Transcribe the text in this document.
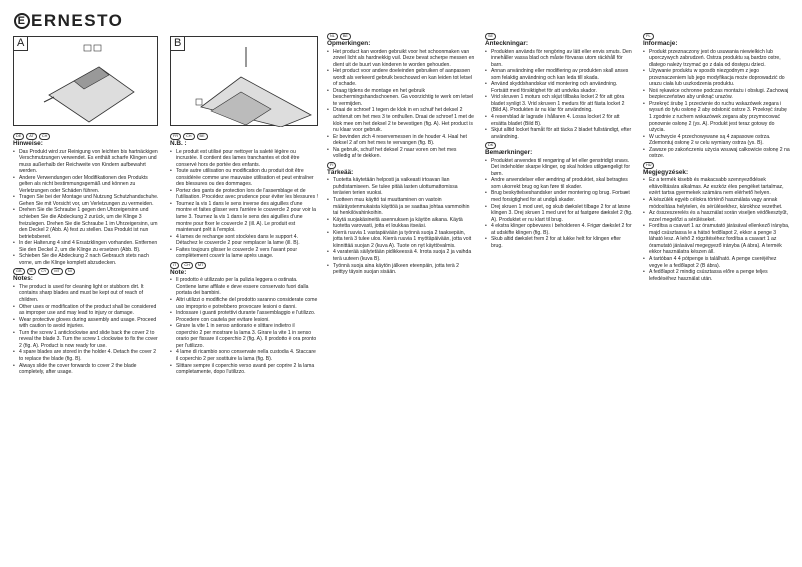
E ERNESTO
A	B
DE	AT	CH
Hinweise:
• Das Produkt wird zur Reinigung von leichten bis hartnäckigen Verschmutzungen verwendet. Es enthält scharfe Klingen und muss außerhalb der Reichweite von Kindern aufbewahrt werden.
• Andere Verwendungen oder Modifikationen des Produkts gelten als nicht bestimmungsgemäß und können zu Verletzungen oder Schäden führen.
• Tragen Sie bei der Montage und Nutzung Schutzhandschuhe. Gehen Sie mit Vorsicht vor, um Verletzungen zu vermeiden.
• Drehen Sie die Schraube 1 gegen den Uhrzeigersinn und schieben Sie die Abdeckung 2 zurück, um die Klinge 3 freizulegen. Drehen Sie die Schraube 1 im Uhrzeigersinn, um den Deckel 2 (Abb. A) fest zu stellen. Das Produkt ist nun betriebsbereit.
• In der Halterung 4 sind 4 Ersatzklingen vorhanden. Entfernen Sie den Deckel 2, um die Klinge zu ersetzen (Abb. B).
• Schieben Sie die Abdeckung 2 nach Gebrauch stets nach vorne, um die Klinge komplett abzudecken.
GB	IE	CY	MT	NI
Notes:
• The product is used for cleaning light or stubborn dirt. It contains sharp blades and must be kept out of reach of children.
• Other uses or modification of the product shall be considered as improper use and may lead to injury or damage.
• Wear protective gloves during assembly and usage. Proceed with caution to avoid injuries.
• Turn the screw 1 anticlockwise and slide back the cover 2 to reveal the blade 3. Turn the screw 1 clockwise to fix the cover 2 (fig. A). Product is now ready for use.
• 4 spare blades are stored in the holder 4. Detach the cover 2 to replace the blade (fig. B).
• Always slide the cover forwards to cover 2 the blade completely, after usage.
FR	CH	BE
N.B. :
• Le produit est utilisé pour nettoyer la saleté légère ou incrustée. Il contient des lames tranchantes et doit être conservé hors de portée des enfants.
• Toute autre utilisation ou modification du produit doit être considérée comme une mauvaise utilisation et peut entraîner des blessures ou des dommages.
• Portez des gants de protection lors de l'assemblage et de l'utilisation. Procédez avec prudence pour éviter les blessures !
• Tournez la vis 1 dans le sens inverse des aiguilles d'une montre et faites glisser vers l'arrière le couvercle 2 pour voir la lame 3. Tournez la vis 1 dans le sens des aiguilles d'une montre pour fixer le couvercle 2 (ill. A). Le produit est maintenant prêt à l'emploi.
• 4 lames de rechange sont stockées dans le support 4. Détachez le couvercle 2 pour remplacer la lame (ill. B).
• Faites toujours glisser le couvercle 2 vers l'avant pour complètement couvrir la lame après usage.
IT	CH	MT
Note:
• Il prodotto è utilizzato per la pulizia leggera o ostinata. Contiene lame affilate e deve essere conservato fuori dalla portata dei bambini.
• Altri utilizzi o modifiche del prodotto saranno considerate come uso improprio e potrebbero provocare lesioni o danni.
• Indossare i guanti protettivi durante l'assemblaggio e l'utilizzo. Procedere con cautela per evitare lesioni.
• Girare la vite 1 in senso antiorario e slittare indietro il coperchio 2 per mostrare la lama 3. Girare la vite 1 in senso orario per fissare il coperchio 2 (fig. A). Il prodotto è ora pronto per l'utilizzo.
• 4 lame di ricambio sono conservate nella custodia 4. Staccare il coperchio 2 per sostituire la lama (fig. B).
• Slittare sempre il coperchio verso avanti per coprire 2 la lama completamente, dopo l'utilizzo.
NL	BE
Opmerkingen:
• Het product kan worden gebruikt voor het schoonmaken van zowel licht als hardnekkig vuil. Deze bevat scherpe messen en dient uit de buurt van kinderen te worden gehouden.
• Het product voor andere doeleinden gebruiken of aanpassen wordt als verkeerd gebruik beschouwd en kan leiden tot letsel of schade.
• Draag tijdens de montage en het gebruik beschermingshandschoenen. Ga voorzichtig te werk om letsel te vermijden.
• Draai de schroef 1 tegen de klok in en schuif het deksel 2 achteruit om het mes 3 te onthullen. Draai de schroef 1 met de klok mee om het deksel 2 te bevestigen (fig. A). Het product is nu klaar voor gebruik.
• Er bevinden zich 4 reservemessen in de houder 4. Haal het deksel 2 af om het mes te vervangen (fig. B).
• Na gebruik, schuif het deksel 2 naar voren om het mes volledig af te dekken.
FI
Tärkeää:
• Tuotetta käytetään helposti ja vaikeasti irtoavan lian puhdistamiseen. Se tulee pitää lasten ulottumattomissa terävien terien vuoksi.
• Tuotteen muu käyttö tai muuttaminen on vastoin määräystenmukaista käyttöä ja se saattaa johtaa vammoihin tai henkilövahinkoihin.
• Käytä suojakäsineitä asennuksen ja käytön aikana. Käytä tuotetta varovasti, jotta et loukkaa itseäsi.
• Kierrä ruuvia 1 vastapäivään ja työnnä suoja 2 taaksepäin, jotta terä 3 tulee ulos. Kierrä ruuvia 1 myötäpäivään, jotta voit kiinnittää suojan 2 (kuva A). Tuote on nyt käyttövalmis.
• 4 varaterää säilytetään pidikkeessä 4. Irrota suoja 2 ja vaihda terä uuteen (kuva B).
• Työnnä suoja aina käytön jälkeen eteenpäin, jotta terä 2 peittyy täysin suojan sisään.
SE
Anteckningar:
• Produkten används för rengöring av lätt eller envis smuts. Den innehåller vassa blad och måste förvaras utom räckhåll för barn.
• Annan användning eller modifiering av produkten skall anses som felaktig användning och kan leda till skada.
• Använd skyddshandskar vid montering och användning. Fortsätt med försiktighet för att undvika skador.
• Vrid skruven 1 moturs och skjut tillbaka locket 2 för att göra bladet synligt 3. Vrid skruven 1 medurs för att fästa locket 2 (Bild A). Produkten är nu klar för användning.
• 4 reservblad är lagrade i hållaren 4. Lossa locket 2 för att ersätta bladet (Bild B).
• Skjut alltid locket framåt för att täcka 2 bladet fullständigt, efter användning.
DK
Bemærkninger:
• Produktet anvendes til rengøring af let eller genstridigt snavs. Det indeholder skarpe klinger, og skal holdes utilgængeligt for børn.
• Andre anvendelser eller ændring af produktet, skal betragtes som ukorrekt brug og kan føre til skader.
• Brug beskyttelseshandsker under montering og brug. Fortsæt med forsigtighed for at undgå skader.
• Drej skruen 1 mod uret, og skub dækslet tilbage 2 for at løsne klingen 3. Drej skruen 1 med uret for at fastgøre dækslet 2 (fig. A). Produktet er nu klart til brug.
• 4 ekstra klinger opbevares i beholderen 4. Frigør dækslet 2 for at udskifte klingen (fig. B).
• Skub altid dækslet frem 2 for at lukke helt for klingen efter brug.
PL
Informacje:
• Produkt przeznaczony jest do usuwania niewielkich lub uporczywych zabrudzeń. Ostrza produktu są bardzo ostre, dlatego należy trzymać go z dala od dostępu dzieci.
• Używanie produktu w sposób niezgodnym z jego przeznaczeniem lub jego modyfikacja może doprowadzić do urazu ciała lub uszkodzenia produktu.
• Noś rękawice ochronne podczas montażu i obsługi. Zachowaj bezpieczeństwo aby uniknąć urazów.
• Przekręć śrubę 1 przeciwnie do ruchu wskazówek zegara i wysuń do tyłu osłonę 2 aby odsłonić ostrze 3. Przekręć śrubę 1 zgodnie z ruchem wskazówek zegara aby przymocować ponownie osłonę 2 (ys. A). Produkt jest teraz gotowy do użycia.
• W uchwycie 4 przechowywane są 4 zapasowe ostrza. Zdemontuj osłonę 2 w celu wymiany ostrza (ys. B).
• Zawsze po zakończeniu użycia wsuwaj całkowicie osłonę 2 na ostrze.
HU
Megjegyzések:
• Ez a termék kisebb és makacsabb szennyeződések eltávolítására alkalmas. Az eszköz éles pengéket tartalmaz, ezért tartsa gyermekek számára nem elérhető helyen.
• A készülék egyéb célokra történő használata vagy annak módosítása helytelen, és sérülésekhez, károkhoz vezethet.
• Az összeszerelés és a használat során viseljen védőkesztyűt, ezzel megelőzi a sérüléseket.
• Fordítsa a csavart 1 az óramutató járásával ellenkező irányba, majd csúsztassa le a hátsó fedőlapot 2, ekkor a penge 3 láható lesz. A lehő 2 rögzítéséhez fordítsa a csavart 1 az óramutató járásával megegyező irányba (A ábra). A termék ekkor használatra készen áll.
• A tartóban 4 4 pótpenge is található. A penge cseréjéhez vegye le a fedőlapot 2 (B ábra).
• A fedőlapot 2 mindig csúsztassa előre a penge teljes lefedéséhez használat után.
